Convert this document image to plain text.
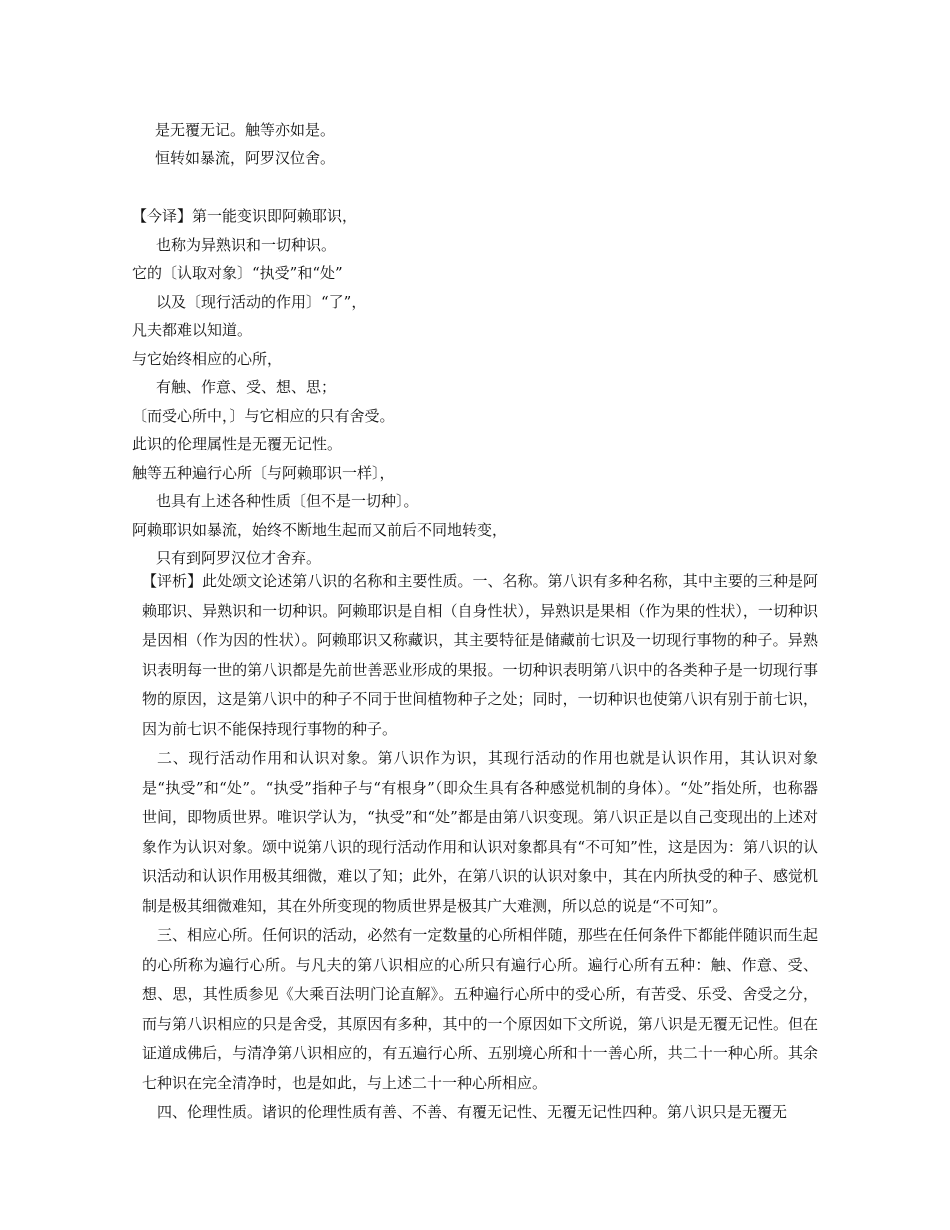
是无覆无记。触等亦如是。
恒转如暴流，阿罗汉位舍。
【今译】第一能变识即阿赖耶识，
也称为异熟识和一切种识。
它的〔认取对象〕“执受”和“处”
以及〔现行活动的作用〕“了”，
凡夫都难以知道。
与它始终相应的心所，
有触、作意、受、想、思；
〔而受心所中，〕与它相应的只有舍受。
此识的伦理属性是无覆无记性。
触等五种遍行心所〔与阿赖耶识一样〕，
也具有上述各种性质〔但不是一切种〕。
阿赖耶识如暴流，始终不断地生起而又前后不同地转变，
只有到阿罗汉位才舍弃。

【评析】此处颂文论述第八识的名称和主要性质。一、名称。第八识有多种名称，其中主要的三种是阿赖耶识、异熟识和一切种识。阿赖耶识是自相（自身性状），异熟识是果相（作为果的性状），一切种识是因相（作为因的性状）。阿赖耶识又称藏识，其主要特征是储藏前七识及一切现行事物的种子。异熟识表明每一世的第八识都是先前世善恶业形成的果报。一切种识表明第八识中的各类种子是一切现行事物的原因，这是第八识中的种子不同于世间植物种子之处；同时，一切种识也使第八识有别于前七识，因为前七识不能保持现行事物的种子。

二、现行活动作用和认识对象。第八识作为识，其现行活动的作用也就是认识作用，其认识对象是“执受”和“处”。“执受”指种子与“有根身”（即众生具有各种感觉机制的身体）。“处”指处所，也称器世间，即物质世界。唯识学认为，“执受”和“处”都是由第八识变现。第八识正是以自己变现出的上述对象作为认识对象。颂中说第八识的现行活动作用和认识对象都具有“不可知”性，这是因为：第八识的认识活动和认识作用极其细微，难以了知；此外，在第八识的认识对象中，其在内所执受的种子、感觉机制是极其细微难知，其在外所变现的物质世界是极其广大难测，所以总的说是“不可知”。

三、相应心所。任何识的活动，必然有一定数量的心所相伴随，那些在任何条件下都能伴随识而生起的心所称为遍行心所。与凡夫的第八识相应的心所只有遍行心所。遍行心所有五种：触、作意、受、想、思，其性质参见《大乘百法明门论直解》。五种遍行心所中的受心所，有苦受、乐受、舍受之分，而与第八识相应的只是舍受，其原因有多种，其中的一个原因如下文所说，第八识是无覆无记性。但在证道成佛后，与清净第八识相应的，有五遍行心所、五别境心所和十一善心所，共二十一种心所。其余七种识在完全清净时，也是如此，与上述二十一种心所相应。

四、伦理性质。诸识的伦理性质有善、不善、有覆无记性、无覆无记性四种。第八识只是无覆无
